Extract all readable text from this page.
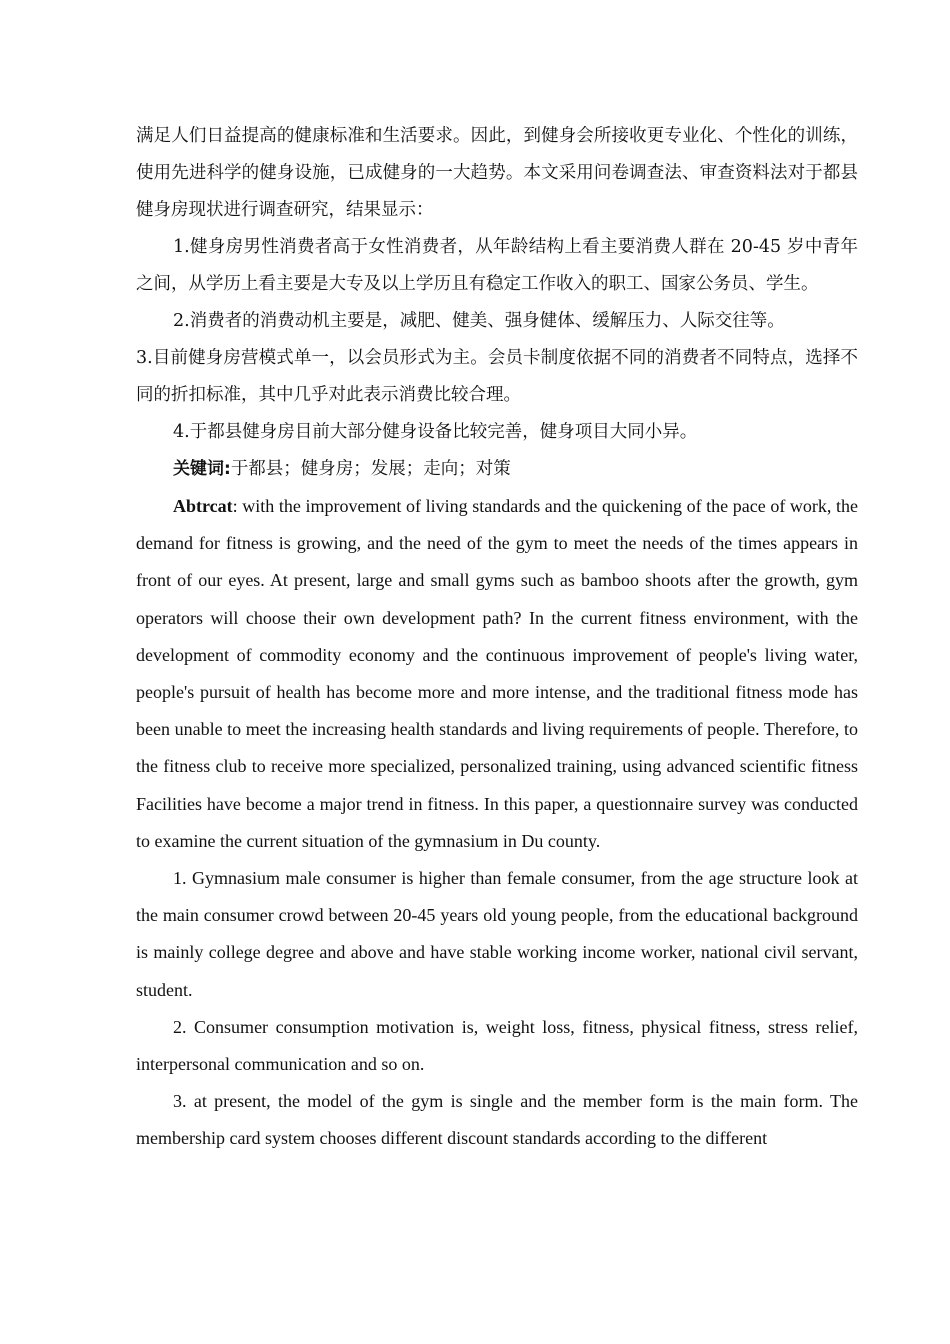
满足人们日益提高的健康标准和生活要求。因此，到健身会所接收更专业化、个性化的训练，使用先进科学的健身设施，已成健身的一大趋势。本文采用问卷调查法、审查资料法对于都县健身房现状进行调查研究，结果显示：

1.健身房男性消费者高于女性消费者，从年龄结构上看主要消费人群在 20-45 岁中青年之间，从学历上看主要是大专及以上学历且有稳定工作收入的职工、国家公务员、学生。

2.消费者的消费动机主要是，减肥、健美、强身健体、缓解压力、人际交往等。

3.目前健身房营模式单一，以会员形式为主。会员卡制度依据不同的消费者不同特点，选择不同的折扣标准，其中几乎对此表示消费比较合理。

4.于都县健身房目前大部分健身设备比较完善，健身项目大同小异。

关键词:于都县；健身房；发展；走向；对策

Abtrcat: with the improvement of living standards and the quickening of the pace of work, the demand for fitness is growing, and the need of the gym to meet the needs of the times appears in front of our eyes. At present, large and small gyms such as bamboo shoots after the growth, gym operators will choose their own development path? In the current fitness environment, with the development of commodity economy and the continuous improvement of people's living water, people's pursuit of health has become more and more intense, and the traditional fitness mode has been unable to meet the increasing health standards and living requirements of people. Therefore, to the fitness club to receive more specialized, personalized training, using advanced scientific fitness Facilities have become a major trend in fitness. In this paper, a questionnaire survey was conducted to examine the current situation of the gymnasium in Du county.

1. Gymnasium male consumer is higher than female consumer, from the age structure look at the main consumer crowd between 20-45 years old young people, from the educational background is mainly college degree and above and have stable working income worker, national civil servant, student.

2. Consumer consumption motivation is, weight loss, fitness, physical fitness, stress relief, interpersonal communication and so on.

3. at present, the model of the gym is single and the member form is the main form. The membership card system chooses different discount standards according to the different
